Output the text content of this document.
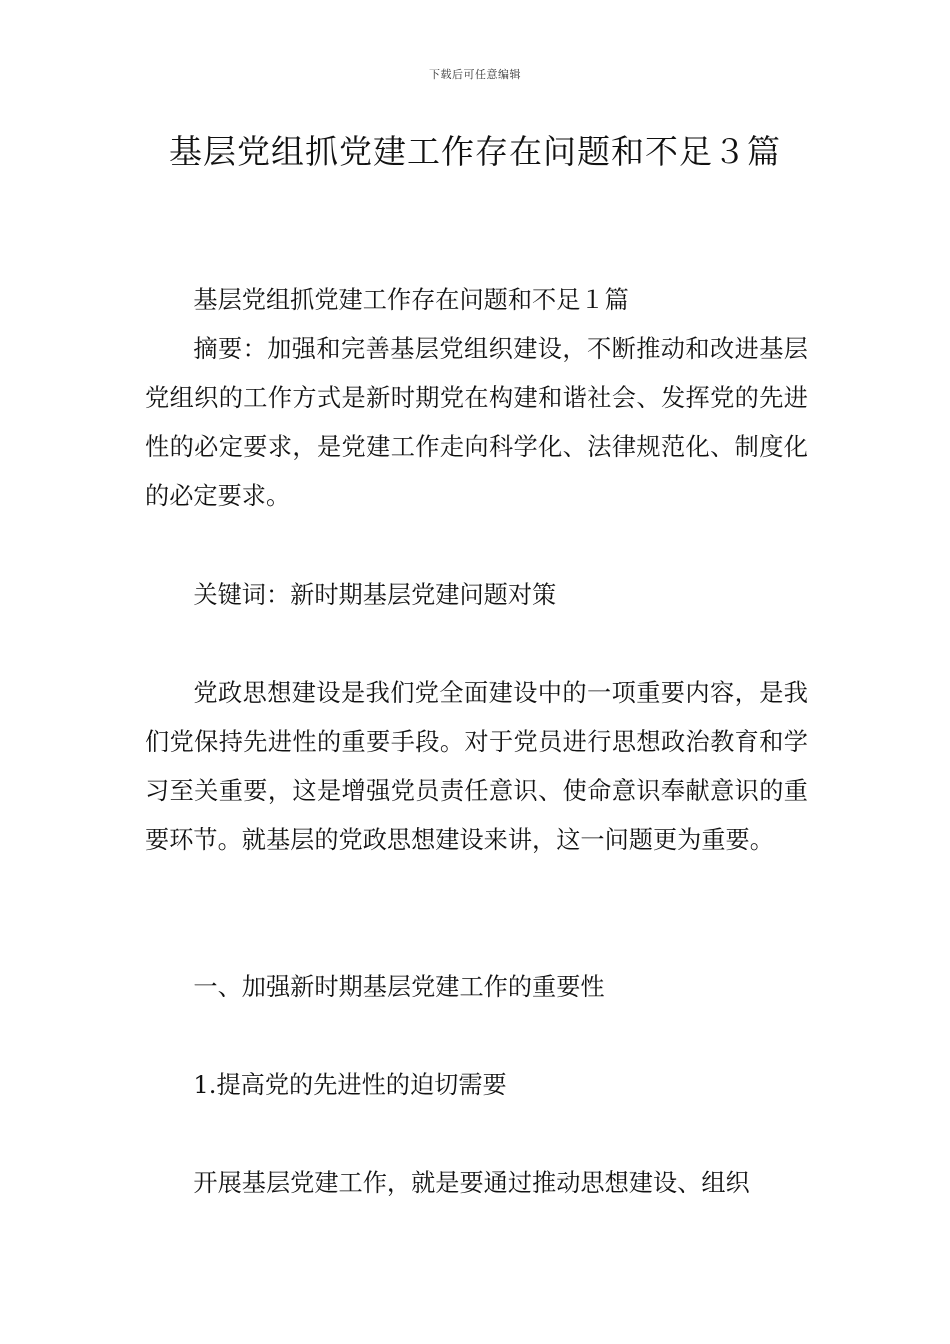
下载后可任意编辑
基层党组抓党建工作存在问题和不足３篇

基层党组抓党建工作存在问题和不足１篇

摘要：加强和完善基层党组织建设，不断推动和改进基层党组织的工作方式是新时期党在构建和谐社会、发挥党的先进性的必定要求，是党建工作走向科学化、法律规范化、制度化的必定要求。

关键词：新时期基层党建问题对策

党政思想建设是我们党全面建设中的一项重要内容，是我们党保持先进性的重要手段。对于党员进行思想政治教育和学习至关重要，这是增强党员责任意识、使命意识奉献意识的重要环节。就基层的党政思想建设来讲，这一问题更为重要。

一、加强新时期基层党建工作的重要性

1.提高党的先进性的迫切需要

开展基层党建工作，就是要通过推动思想建设、组织
